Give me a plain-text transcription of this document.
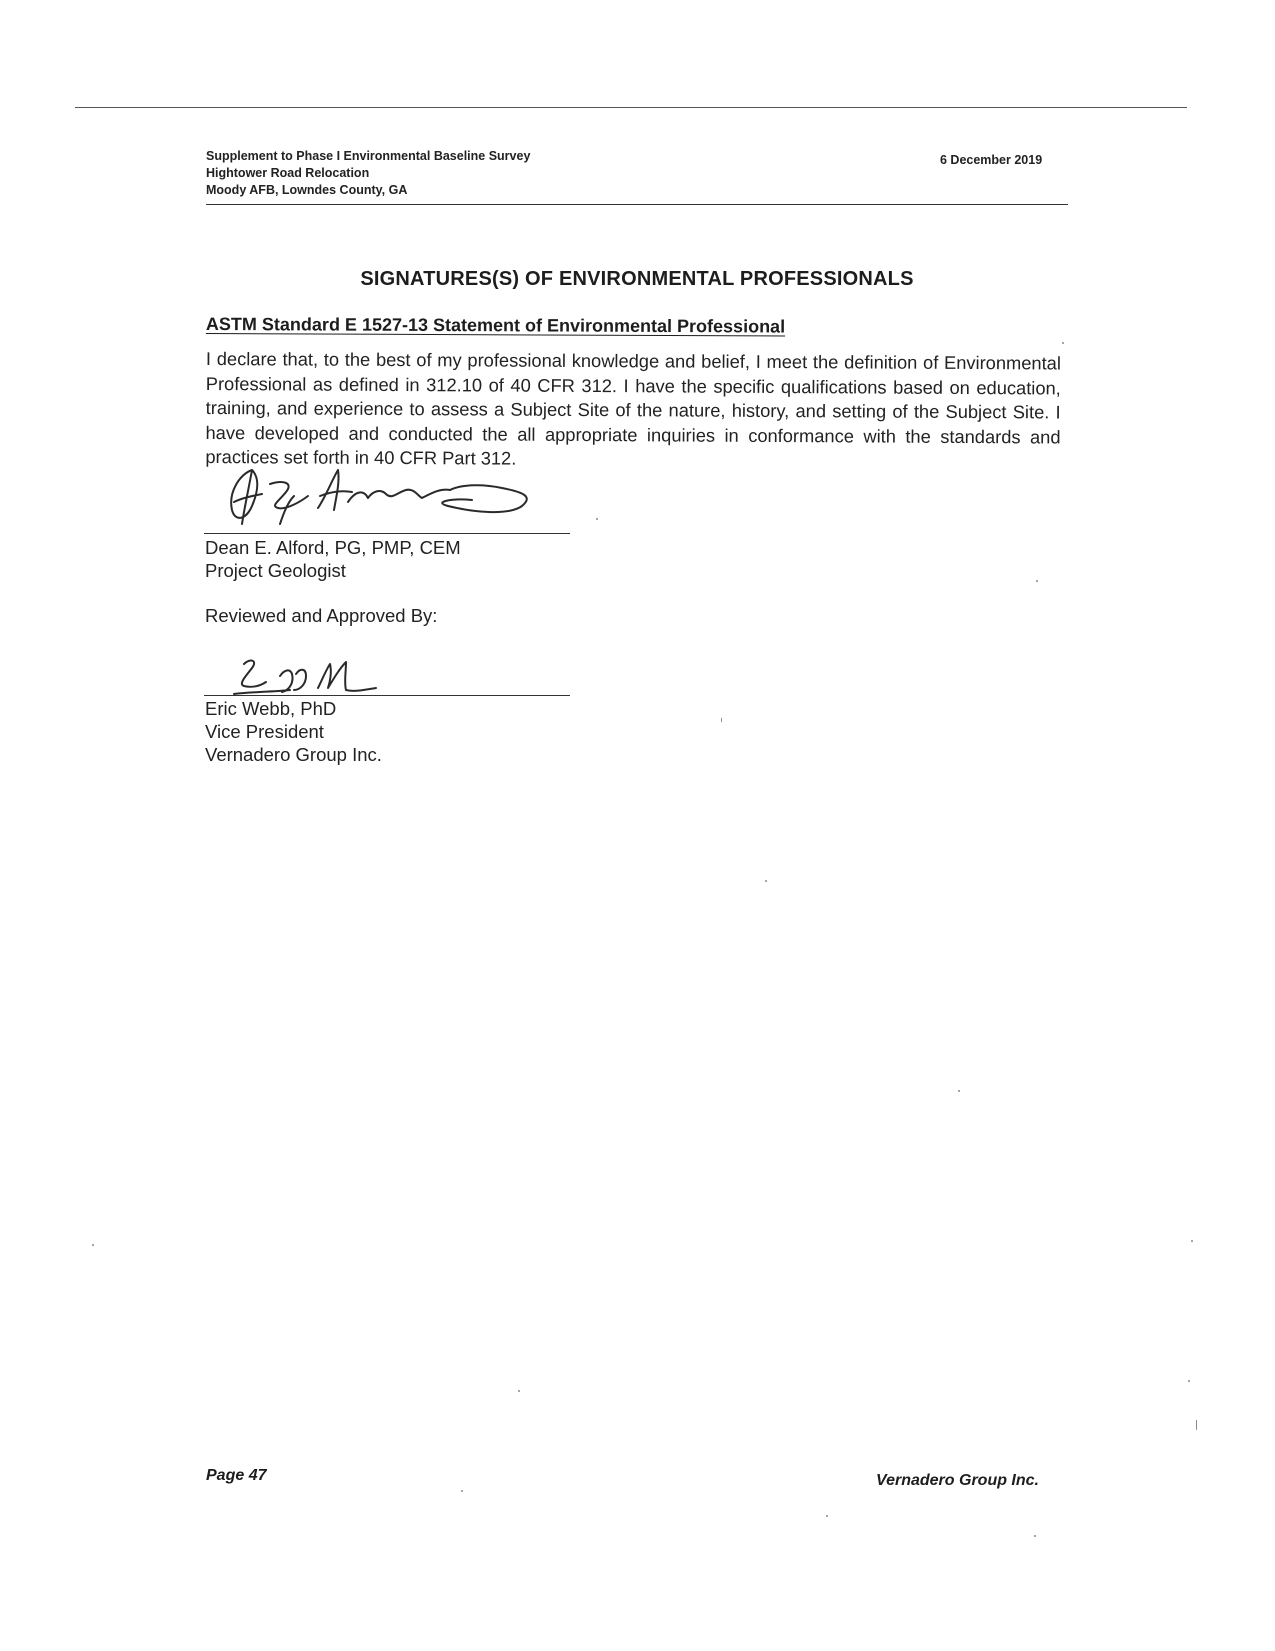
Supplement to Phase I Environmental Baseline Survey
Hightower Road Relocation
Moody AFB, Lowndes County, GA
6 December 2019
SIGNATURES(S) OF ENVIRONMENTAL PROFESSIONALS
ASTM Standard E 1527-13 Statement of Environmental Professional
I declare that, to the best of my professional knowledge and belief, I meet the definition of Environmental Professional as defined in 312.10 of 40 CFR 312. I have the specific qualifications based on education, training, and experience to assess a Subject Site of the nature, history, and setting of the Subject Site. I have developed and conducted the all appropriate inquiries in conformance with the standards and practices set forth in 40 CFR Part 312.
Dean E. Alford, PG, PMP, CEM
Project Geologist
Reviewed and Approved By:
Eric Webb, PhD
Vice President
Vernadero Group Inc.
Page 47	Vernadero Group Inc.
